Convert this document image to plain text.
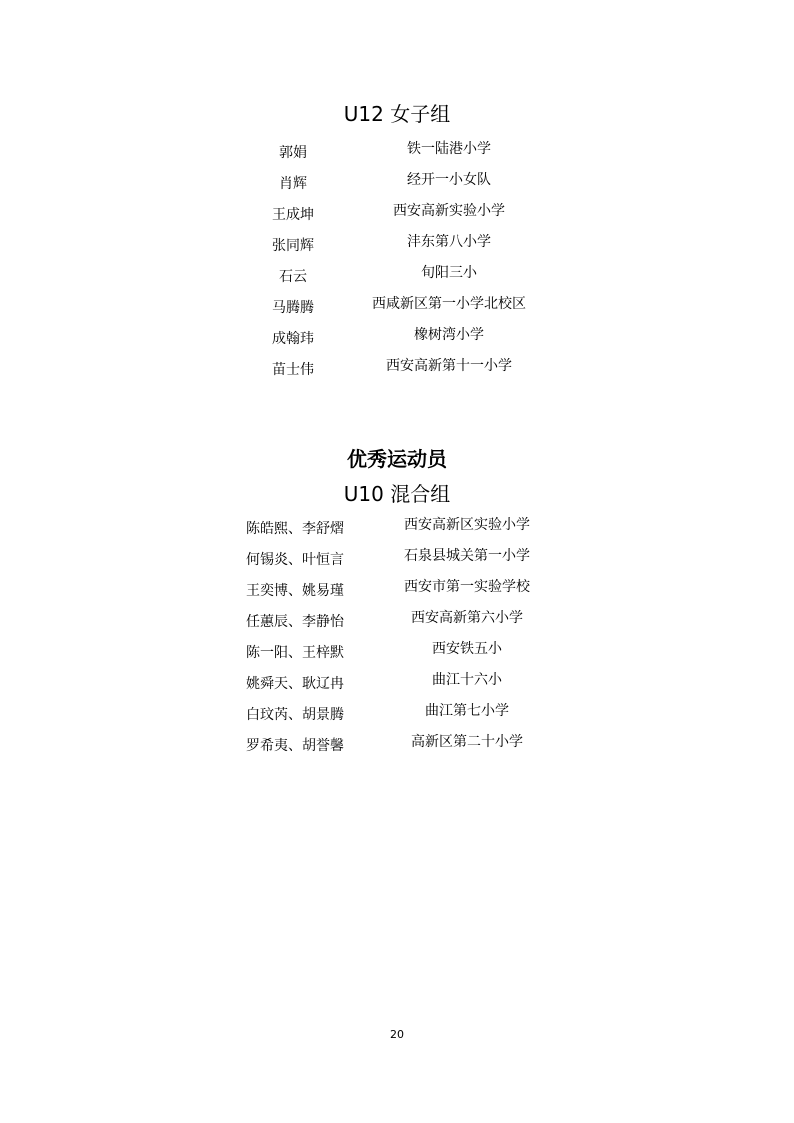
U12 女子组
郭娟	铁一陆港小学
肖辉	经开一小女队
王成坤	西安高新实验小学
张同辉	沣东第八小学
石云	旬阳三小
马腾腾	西咸新区第一小学北校区
成翰玮	橡树湾小学
苗士伟	西安高新第十一小学
优秀运动员
U10 混合组
陈皓熙、李舒熠	西安高新区实验小学
何锡炎、叶恒言	石泉县城关第一小学
王奕博、姚易瑾	西安市第一实验学校
任蕙辰、李静怡	西安高新第六小学
陈一阳、王梓默	西安铁五小
姚舜天、耿辽冉	曲江十六小
白玟芮、胡景腾	曲江第七小学
罗希夷、胡誉馨	高新区第二十小学
20
